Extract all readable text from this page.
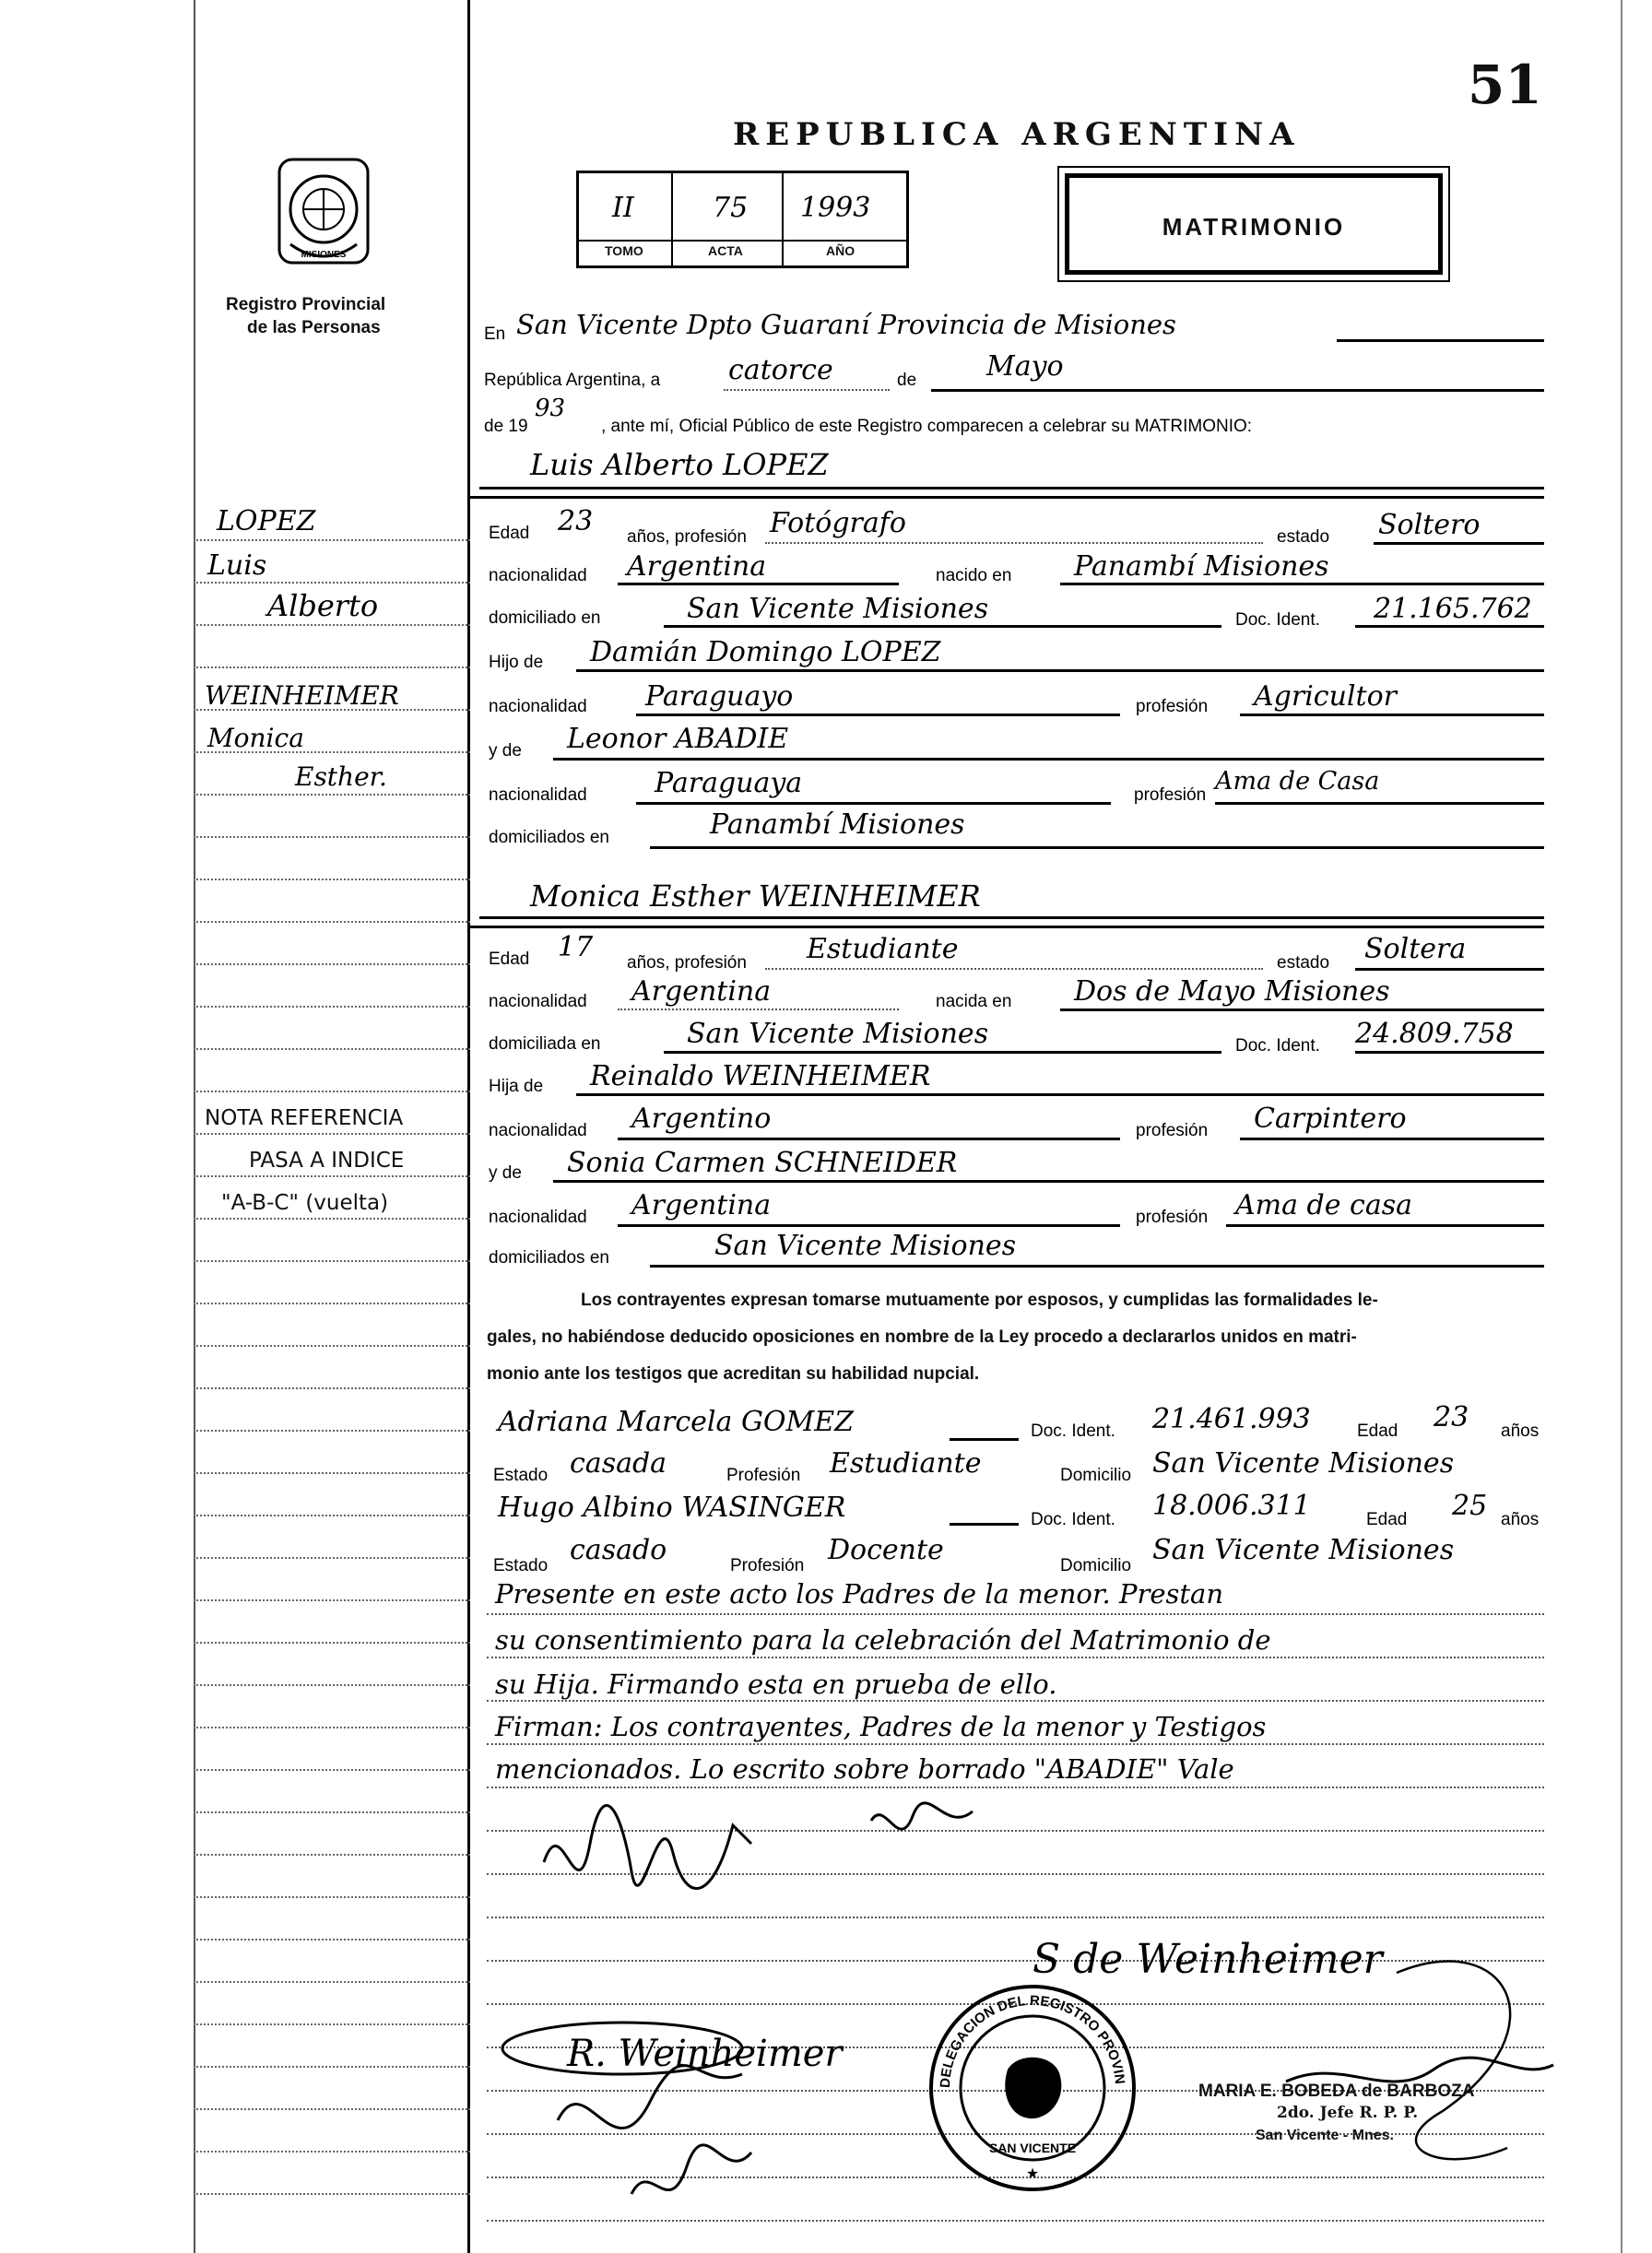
51
REPUBLICA ARGENTINA
MISIONES
Registro Provincial
de las Personas
II	75 1993
TOMO	ACTA	AÑO
MATRIMONIO
En San Vicente Dpto Guaraní Provincia de Misiones
República Argentina, a catorce	de	Mayo
de 19
93
, ante mí, Oficial Público de este Registro comparecen a celebrar su MATRIMONIO:
Luis Alberto LOPEZ
Edad 23 años, profesión Fotógrafo	estado Soltero
nacionalidad Argentina	nacido en Panambí Misiones
domiciliado en	San Vicente Misiones	Doc. Ident. 21.165.762
Hijo de Damián Domingo LOPEZ
nacionalidad Paraguayo	profesión Agricultor
y de Leonor ABADIE
nacionalidad Paraguaya	profesión Ama de Casa
domiciliados en	Panambí Misiones
Monica Esther WEINHEIMER
Edad 17 años, profesión Estudiante	estado Soltera
nacionalidad Argentina	nacida en Dos de Mayo Misiones
domiciliada en	San Vicente Misiones	Doc. Ident. 24.809.758
Hija de Reinaldo WEINHEIMER
nacionalidad Argentino	profesión Carpintero
y de Sonia Carmen SCHNEIDER
nacionalidad Argentina	profesión Ama de casa
domiciliados en	San Vicente Misiones
Los contrayentes expresan tomarse mutuamente por esposos, y cumplidas las formalidades le-
gales, no habiéndose deducido oposiciones en nombre de la Ley procedo a declararlos unidos en matri-
monio ante los testigos que acreditan su habilidad nupcial.
Adriana Marcela GOMEZ	Doc. Ident. 21.461.993	Edad 23 años
Estado casada	Profesión Estudiante	Domicilio San Vicente Misiones
Hugo Albino WASINGER	Doc. Ident. 18.006.311	Edad 25 años
Estado casado	Profesión Docente	Domicilio San Vicente Misiones
Presente en este acto los Padres de la menor. Prestan
su consentimiento para la celebración del Matrimonio de
su Hija. Firmando esta en prueba de ello.
Firman: Los contrayentes, Padres de la menor y Testigos
mencionados. Lo escrito sobre borrado "ABADIE" Vale
S de Weinheimer
R. Weinheimer
DELEGACION DEL REGISTRO PROVIN
SAN VICENTE
★
MARIA E. BOBEDA de BARBOZA
2do. Jefe R. P. P.
San Vicente - Mnes.
LOPEZ
Luis
Alberto
WEINHEIMER
Monica
Esther.
NOTA REFERENCIA
PASA A INDICE
"A-B-C" (vuelta)
